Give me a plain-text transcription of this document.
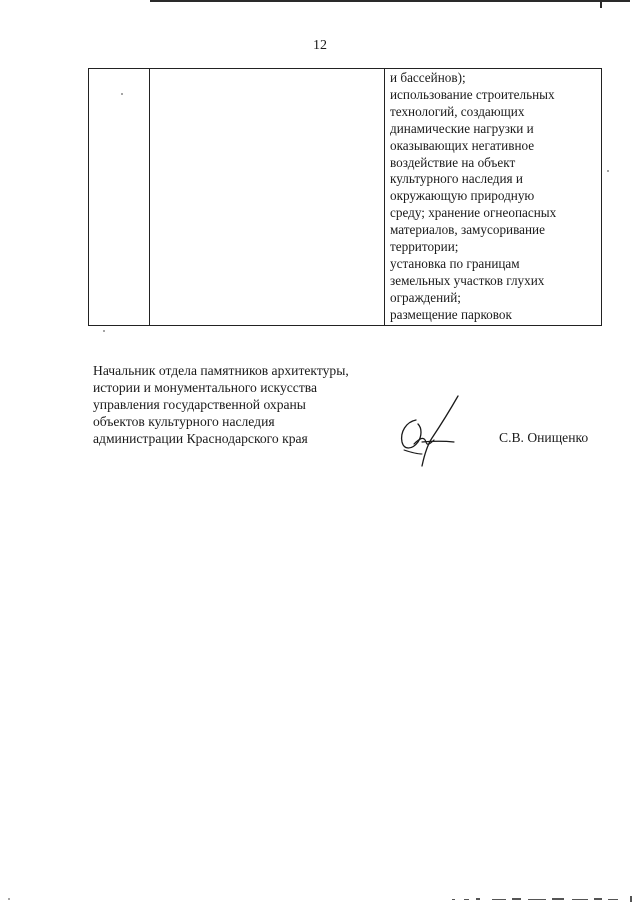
12
и бассейнов);
использование строительных
технологий, создающих
динамические нагрузки и
оказывающих негативное
воздействие на объект
культурного наследия и
окружающую природную
среду; хранение огнеопасных
материалов, замусоривание
территории;
установка по границам
земельных участков глухих
ограждений;
размещение парковок
Начальник отдела памятников архитектуры,
истории и монументального искусства
управления государственной охраны
объектов культурного наследия
администрации Краснодарского края	С.В. Онищенко
